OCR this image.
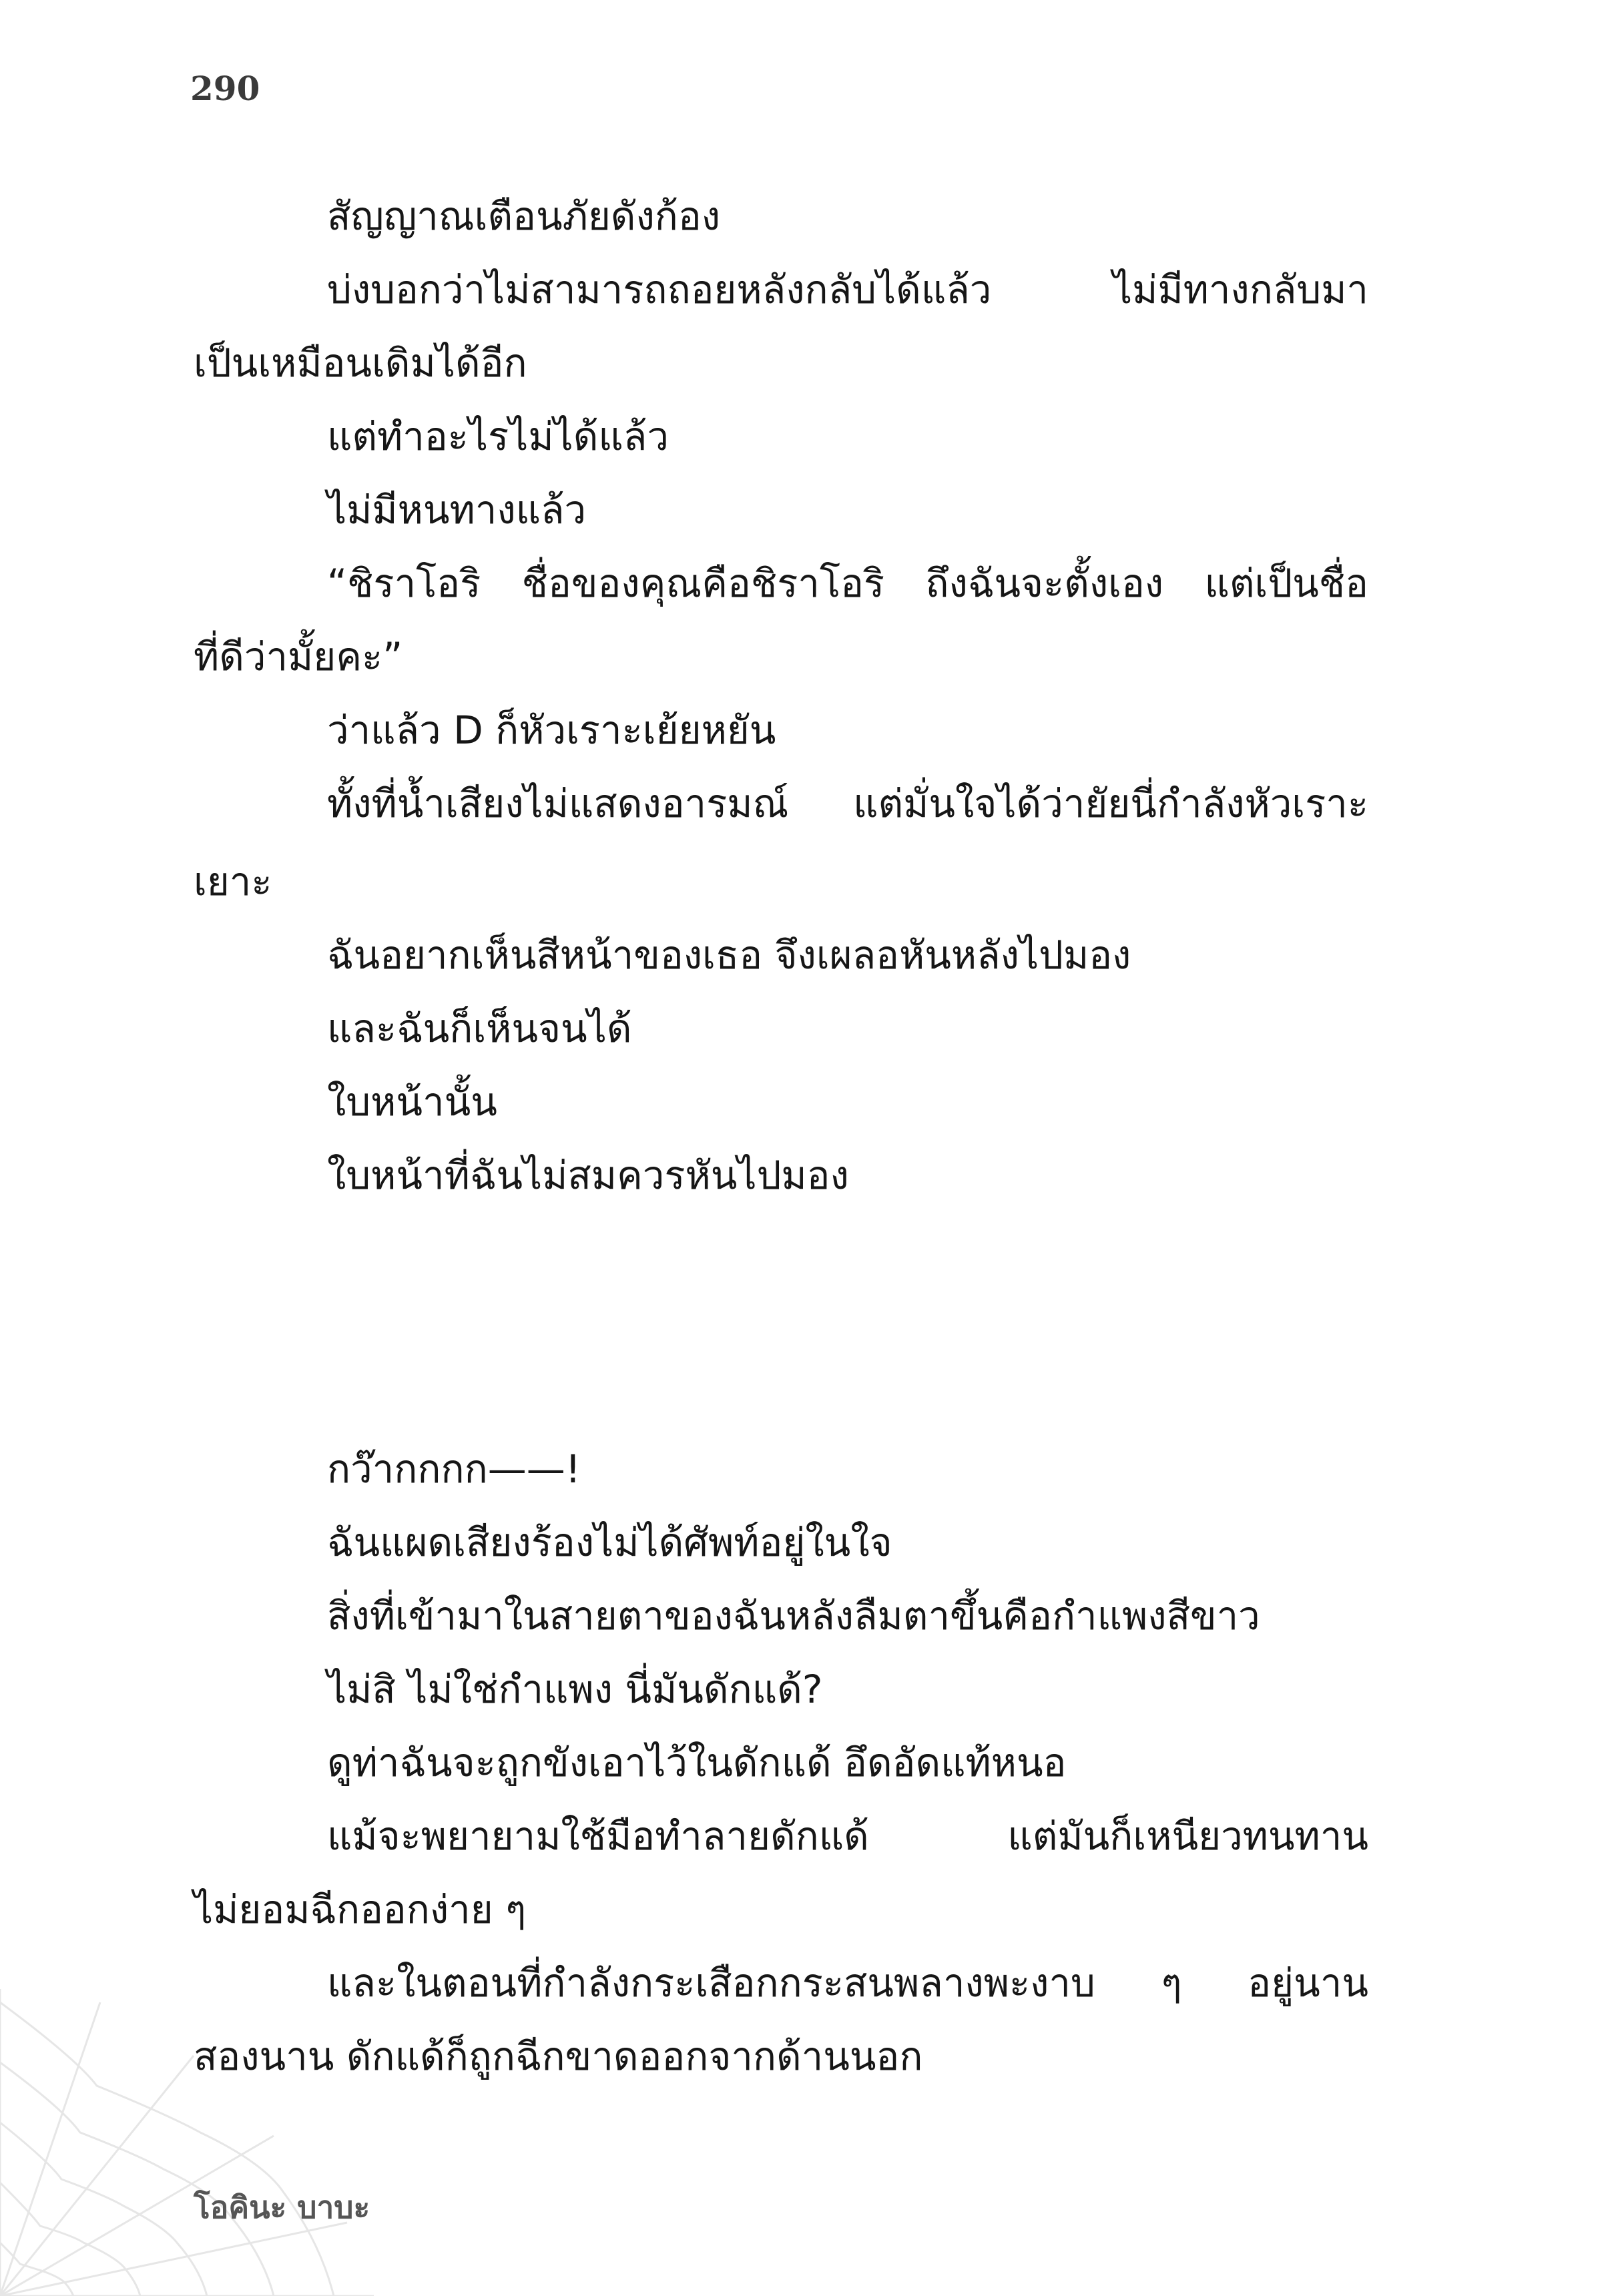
290
สัญญาณเตือนภัยดังก้อง
บ่งบอกว่าไม่สามารถถอยหลังกลับได้แล้ว ไม่มีทางกลับมา
เป็นเหมือนเดิมได้อีก
แต่ทำอะไรไม่ได้แล้ว
ไม่มีหนทางแล้ว
“ชิราโอริ ชื่อของคุณคือชิราโอริ ถึงฉันจะตั้งเอง แต่เป็นชื่อ
ที่ดีว่ามั้ยคะ”
ว่าแล้ว D ก็หัวเราะเย้ยหยัน
ทั้งที่น้ำเสียงไม่แสดงอารมณ์ แต่มั่นใจได้ว่ายัยนี่กำลังหัวเราะ
เยาะ
ฉันอยากเห็นสีหน้าของเธอ จึงเผลอหันหลังไปมอง
และฉันก็เห็นจนได้
ใบหน้านั้น
ใบหน้าที่ฉันไม่สมควรหันไปมอง
กว๊ากกกก——!
ฉันแผดเสียงร้องไม่ได้ศัพท์อยู่ในใจ
สิ่งที่เข้ามาในสายตาของฉันหลังลืมตาขึ้นคือกำแพงสีขาว
ไม่สิ ไม่ใช่กำแพง นี่มันดักแด้?
ดูท่าฉันจะถูกขังเอาไว้ในดักแด้ อึดอัดแท้หนอ
แม้จะพยายามใช้มือทำลายดักแด้ แต่มันก็เหนียวทนทาน
ไม่ยอมฉีกออกง่าย ๆ
และในตอนที่กำลังกระเสือกกระสนพลางพะงาบ ๆ อยู่นาน
สองนาน ดักแด้ก็ถูกฉีกขาดออกจากด้านนอก
โอคินะ บาบะ
